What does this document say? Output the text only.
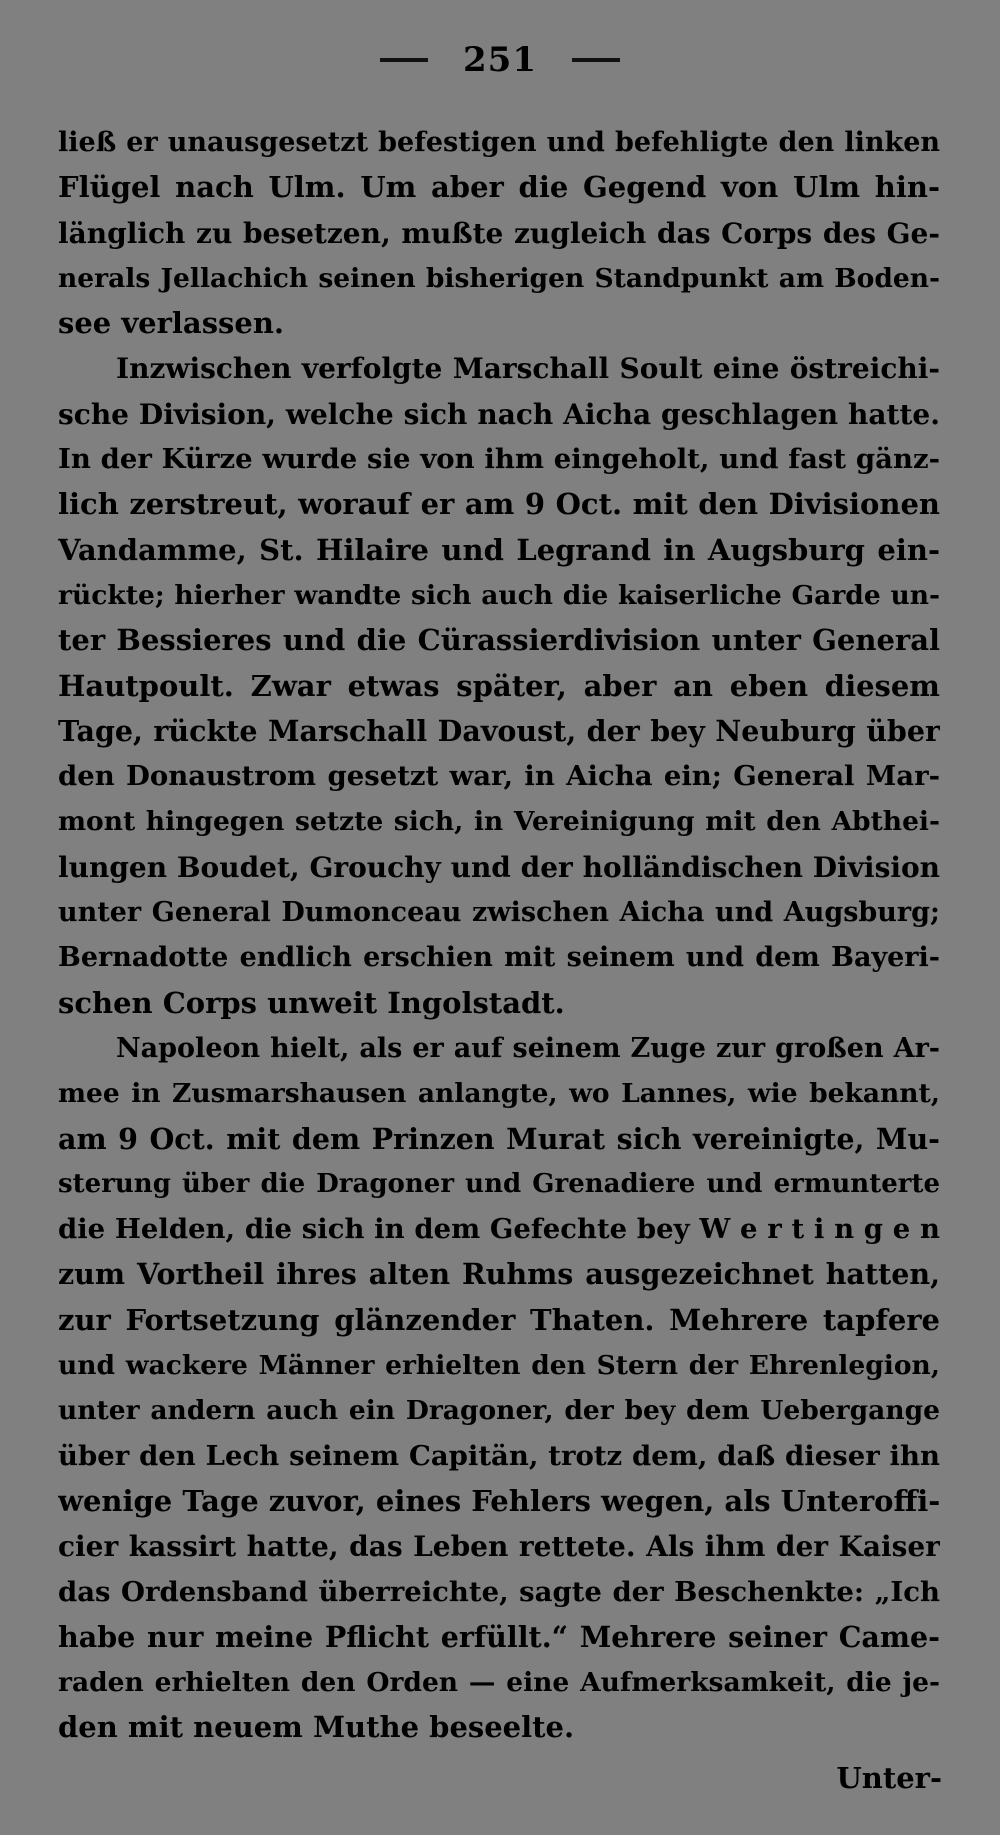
251
ließ er unausgesetzt befestigen und befehligte den linken
Flügel nach Ulm. Um aber die Gegend von Ulm hin-
länglich zu besetzen, mußte zugleich das Corps des Ge-
nerals Jellachich seinen bisherigen Standpunkt am Boden-
see verlassen.
Inzwischen verfolgte Marschall Soult eine östreichi-
sche Division, welche sich nach Aicha geschlagen hatte.
In der Kürze wurde sie von ihm eingeholt, und fast gänz-
lich zerstreut, worauf er am 9 Oct. mit den Divisionen
Vandamme, St. Hilaire und Legrand in Augsburg ein-
rückte; hierher wandte sich auch die kaiserliche Garde un-
ter Bessieres und die Cürassierdivision unter General
Hautpoult. Zwar etwas später, aber an eben diesem
Tage, rückte Marschall Davoust, der bey Neuburg über
den Donaustrom gesetzt war, in Aicha ein; General Mar-
mont hingegen setzte sich, in Vereinigung mit den Abthei-
lungen Boudet, Grouchy und der holländischen Division
unter General Dumonceau zwischen Aicha und Augsburg;
Bernadotte endlich erschien mit seinem und dem Bayeri-
schen Corps unweit Ingolstadt.
Napoleon hielt, als er auf seinem Zuge zur großen Ar-
mee in Zusmarshausen anlangte, wo Lannes, wie bekannt,
am 9 Oct. mit dem Prinzen Murat sich vereinigte, Mu-
sterung über die Dragoner und Grenadiere und ermunterte
die Helden, die sich in dem Gefechte bey W e r t i n g e n
zum Vortheil ihres alten Ruhms ausgezeichnet hatten,
zur Fortsetzung glänzender Thaten. Mehrere tapfere
und wackere Männer erhielten den Stern der Ehrenlegion,
unter andern auch ein Dragoner, der bey dem Uebergange
über den Lech seinem Capitän, trotz dem, daß dieser ihn
wenige Tage zuvor, eines Fehlers wegen, als Unteroffi-
cier kassirt hatte, das Leben rettete. Als ihm der Kaiser
das Ordensband überreichte, sagte der Beschenkte: „Ich
habe nur meine Pflicht erfüllt.“ Mehrere seiner Came-
raden erhielten den Orden — eine Aufmerksamkeit, die je-
den mit neuem Muthe beseelte.
Unter-
